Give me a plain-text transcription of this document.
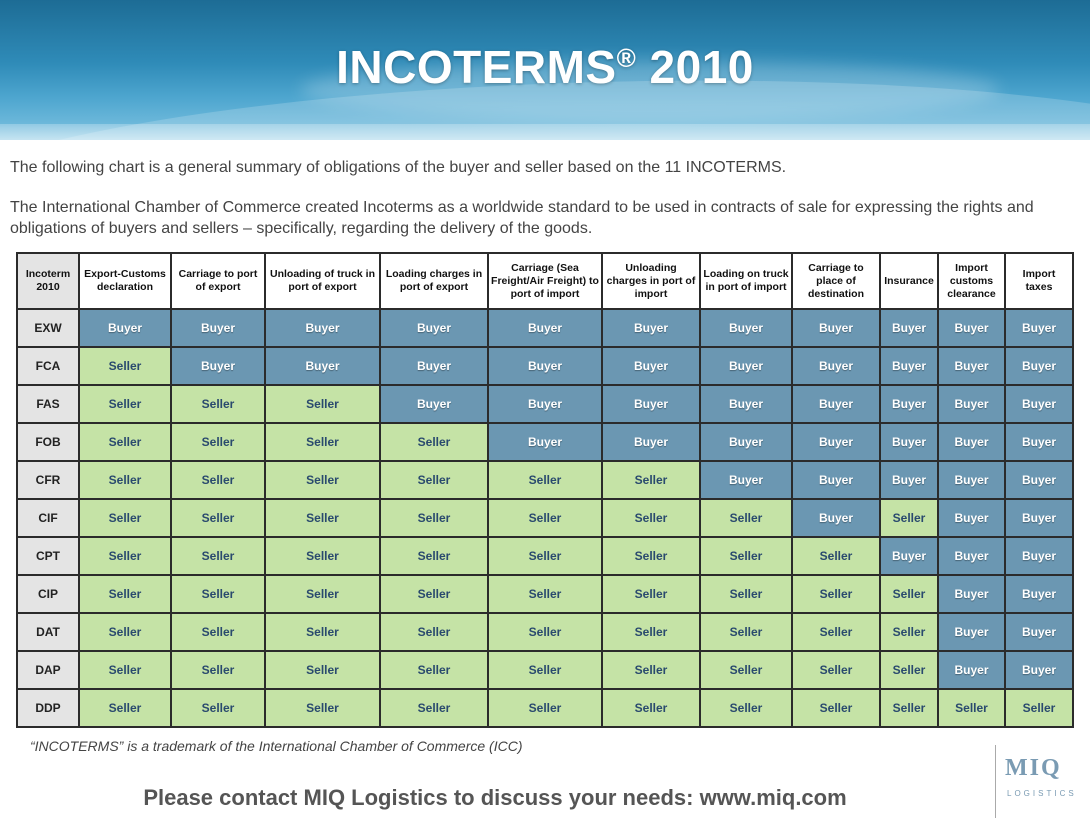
INCOTERMS® 2010

The following chart is a general summary of obligations of the buyer and seller based on the 11 INCOTERMS.

The International Chamber of Commerce created Incoterms as a worldwide standard to be used in contracts of sale for expressing the rights and obligations of buyers and sellers – specifically, regarding the delivery of the goods.

Incoterm 2010	Export-Customs declaration	Carriage to port of export	Unloading of truck in port of export	Loading charges in port of export	Carriage (Sea Freight/Air Freight) to port of import	Unloading charges in port of import	Loading on truck in port of import	Carriage to place of destination	Insurance	Import customs clearance	Import taxes
EXW	Buyer	Buyer	Buyer	Buyer	Buyer	Buyer	Buyer	Buyer	Buyer	Buyer	Buyer
FCA	Seller	Buyer	Buyer	Buyer	Buyer	Buyer	Buyer	Buyer	Buyer	Buyer	Buyer
FAS	Seller	Seller	Seller	Buyer	Buyer	Buyer	Buyer	Buyer	Buyer	Buyer	Buyer
FOB	Seller	Seller	Seller	Seller	Buyer	Buyer	Buyer	Buyer	Buyer	Buyer	Buyer
CFR	Seller	Seller	Seller	Seller	Seller	Seller	Buyer	Buyer	Buyer	Buyer	Buyer
CIF	Seller	Seller	Seller	Seller	Seller	Seller	Seller	Buyer	Seller	Buyer	Buyer
CPT	Seller	Seller	Seller	Seller	Seller	Seller	Seller	Seller	Buyer	Buyer	Buyer
CIP	Seller	Seller	Seller	Seller	Seller	Seller	Seller	Seller	Seller	Buyer	Buyer
DAT	Seller	Seller	Seller	Seller	Seller	Seller	Seller	Seller	Seller	Buyer	Buyer
DAP	Seller	Seller	Seller	Seller	Seller	Seller	Seller	Seller	Seller	Buyer	Buyer
DDP	Seller	Seller	Seller	Seller	Seller	Seller	Seller	Seller	Seller	Seller	Seller
“INCOTERMS” is a trademark of the International Chamber of Commerce (ICC)
Please contact MIQ Logistics to discuss your needs: www.miq.com
MIQ
LOGISTICS
